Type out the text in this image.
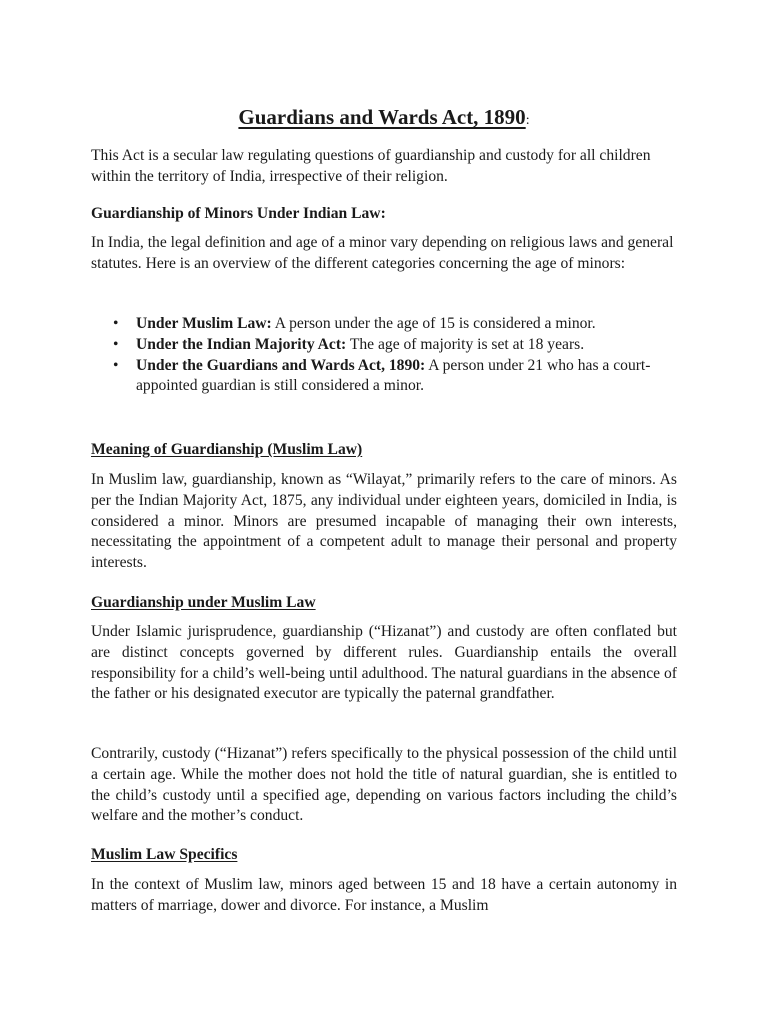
Guardians and Wards Act, 1890:

This Act is a secular law regulating questions of guardianship and custody for all children within the territory of India, irrespective of their religion.

Guardianship of Minors Under Indian Law:

In India, the legal definition and age of a minor vary depending on religious laws and general statutes. Here is an overview of the different categories concerning the age of minors:

• Under Muslim Law: A person under the age of 15 is considered a minor.
• Under the Indian Majority Act: The age of majority is set at 18 years.
• Under the Guardians and Wards Act, 1890: A person under 21 who has a court-appointed guardian is still considered a minor.
Meaning of Guardianship (Muslim Law)

In Muslim law, guardianship, known as “Wilayat,” primarily refers to the care of minors. As per the Indian Majority Act, 1875, any individual under eighteen years, domiciled in India, is considered a minor. Minors are presumed incapable of managing their own interests, necessitating the appointment of a competent adult to manage their personal and property interests.

Guardianship under Muslim Law

Under Islamic jurisprudence, guardianship (“Hizanat”) and custody are often conflated but are distinct concepts governed by different rules. Guardianship entails the overall responsibility for a child’s well-being until adulthood. The natural guardians in the absence of the father or his designated executor are typically the paternal grandfather.

Contrarily, custody (“Hizanat”) refers specifically to the physical possession of the child until a certain age. While the mother does not hold the title of natural guardian, she is entitled to the child’s custody until a specified age, depending on various factors including the child’s welfare and the mother’s conduct.

Muslim Law Specifics

In the context of Muslim law, minors aged between 15 and 18 have a certain autonomy in matters of marriage, dower and divorce. For instance, a Muslim
